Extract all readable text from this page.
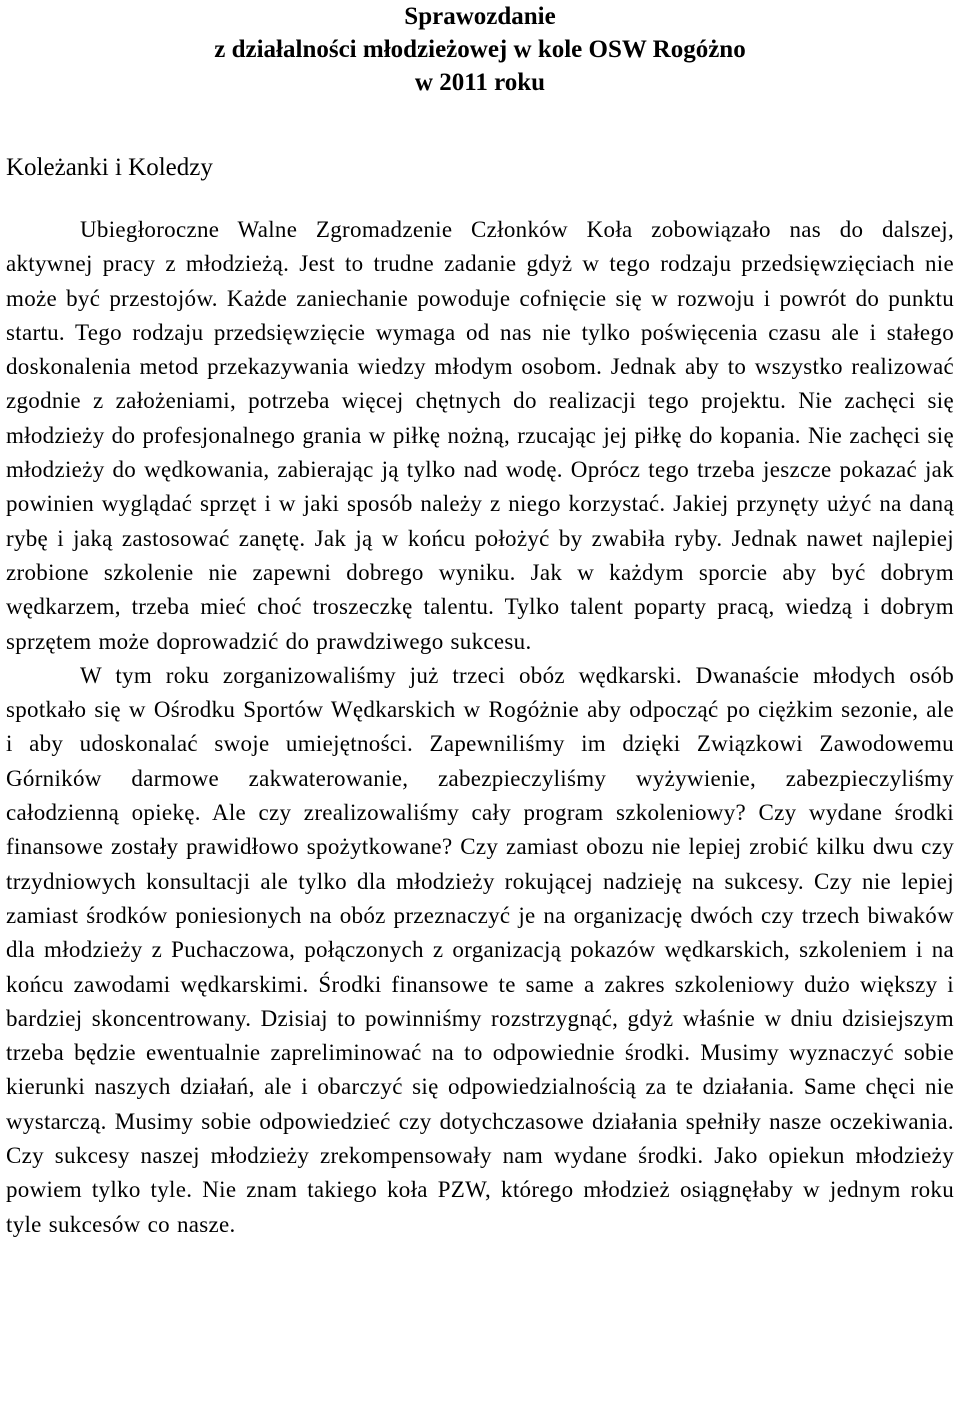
Sprawozdanie
z działalności młodzieżowej w kole OSW Rogóżno
w 2011 roku
Koleżanki i Koledzy

Ubiegłoroczne Walne Zgromadzenie Członków Koła zobowiązało nas do dalszej, aktywnej pracy z młodzieżą. Jest to trudne zadanie gdyż w tego rodzaju przedsięwzięciach nie może być przestojów. Każde zaniechanie powoduje cofnięcie się w rozwoju i powrót do punktu startu. Tego rodzaju przedsięwzięcie wymaga od nas nie tylko poświęcenia czasu ale i stałego doskonalenia metod przekazywania wiedzy młodym osobom. Jednak aby to wszystko realizować zgodnie z założeniami, potrzeba więcej chętnych do realizacji tego projektu. Nie zachęci się młodzieży do profesjonalnego grania w piłkę nożną, rzucając jej piłkę do kopania. Nie zachęci się młodzieży do wędkowania, zabierając ją tylko nad wodę. Oprócz tego trzeba jeszcze pokazać jak powinien wyglądać sprzęt i w jaki sposób należy z niego korzystać. Jakiej przynęty użyć na daną rybę i jaką zastosować zanętę. Jak ją w końcu położyć by zwabiła ryby. Jednak nawet najlepiej zrobione szkolenie nie zapewni dobrego wyniku. Jak w każdym sporcie aby być dobrym wędkarzem, trzeba mieć choć troszeczkę talentu. Tylko talent poparty pracą, wiedzą i dobrym sprzętem może doprowadzić do prawdziwego sukcesu.

W tym roku zorganizowaliśmy już trzeci obóz wędkarski. Dwanaście młodych osób spotkało się w Ośrodku Sportów Wędkarskich w Rogóżnie aby odpocząć po ciężkim sezonie, ale i aby udoskonalać swoje umiejętności. Zapewniliśmy im dzięki Związkowi Zawodowemu Górników darmowe zakwaterowanie, zabezpieczyliśmy wyżywienie, zabezpieczyliśmy całodzienną opiekę. Ale czy zrealizowaliśmy cały program szkoleniowy? Czy wydane środki finansowe zostały prawidłowo spożytkowane? Czy zamiast obozu nie lepiej zrobić kilku dwu czy trzydniowych konsultacji ale tylko dla młodzieży rokującej nadzieję na sukcesy. Czy nie lepiej zamiast środków poniesionych na obóz przeznaczyć je na organizację dwóch czy trzech biwaków dla młodzieży z Puchaczowa, połączonych z organizacją pokazów wędkarskich, szkoleniem i na końcu zawodami wędkarskimi. Środki finansowe te same a zakres szkoleniowy dużo większy i bardziej skoncentrowany. Dzisiaj to powinniśmy rozstrzygnąć, gdyż właśnie w dniu dzisiejszym trzeba będzie ewentualnie zapreliminować na to odpowiednie środki. Musimy wyznaczyć sobie kierunki naszych działań, ale i obarczyć się odpowiedzialnością za te działania. Same chęci nie wystarczą. Musimy sobie odpowiedzieć czy dotychczasowe działania spełniły nasze oczekiwania. Czy sukcesy naszej młodzieży zrekompensowały nam wydane środki. Jako opiekun młodzieży powiem tylko tyle. Nie znam takiego koła PZW, którego młodzież osiągnęłaby w jednym roku tyle sukcesów co nasze.
